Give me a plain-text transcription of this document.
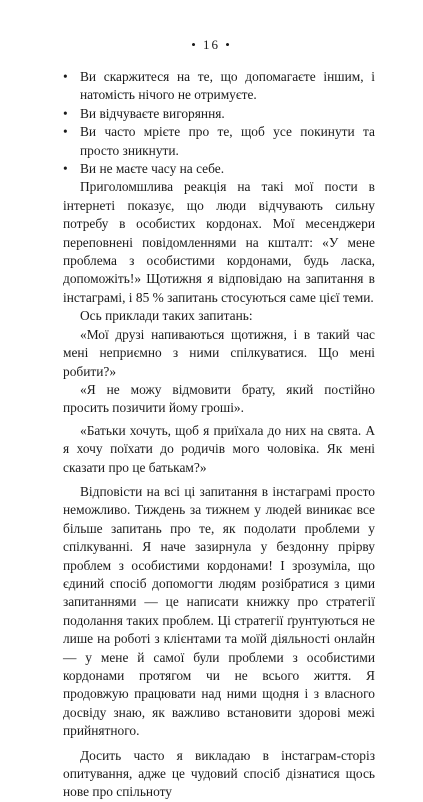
• 16 •
• Ви скаржитеся на те, що допомагаєте іншим, і натомість нічого не отримуєте.
• Ви відчуваєте вигоряння.
• Ви часто мрієте про те, щоб усе покинути та просто зникнути.
• Ви не маєте часу на себе.

Приголомшлива реакція на такі мої пости в інтернеті показує, що люди відчувають сильну потребу в особистих кордонах. Мої месенджери переповнені повідомленнями на кшталт: «У мене проблема з особистими кордонами, будь ласка, допоможіть!» Щотижня я відповідаю на запитання в інстаграмі, і 85 % запитань стосуються саме цієї теми.

Ось приклади таких запитань:

«Мої друзі напиваються щотижня, і в такий час мені неприємно з ними спілкуватися. Що мені робити?»

«Я не можу відмовити брату, який постійно просить позичити йому гроші».

«Батьки хочуть, щоб я приїхала до них на свята. А я хочу поїхати до родичів мого чоловіка. Як мені сказати про це батькам?»

Відповісти на всі ці запитання в інстаграмі просто неможливо. Тиждень за тижнем у людей виникає все більше запитань про те, як подолати проблеми у спілкуванні. Я наче зазирнула у бездонну прірву проблем з особистими кордонами! І зрозуміла, що єдиний спосіб допомогти людям розібратися з цими запитаннями — це написати книжку про стратегії подолання таких проблем. Ці стратегії ґрунтуються не лише на роботі з клієнтами та моїй діяльності онлайн — у мене й самої були проблеми з особистими кордонами протягом чи не всього життя. Я продовжую працювати над ними щодня і з власного досвіду знаю, як важливо встановити здорові межі прийнятного.

Досить часто я викладаю в інстаграм-сторіз опитування, адже це чудовий спосіб дізнатися щось нове про спільноту
